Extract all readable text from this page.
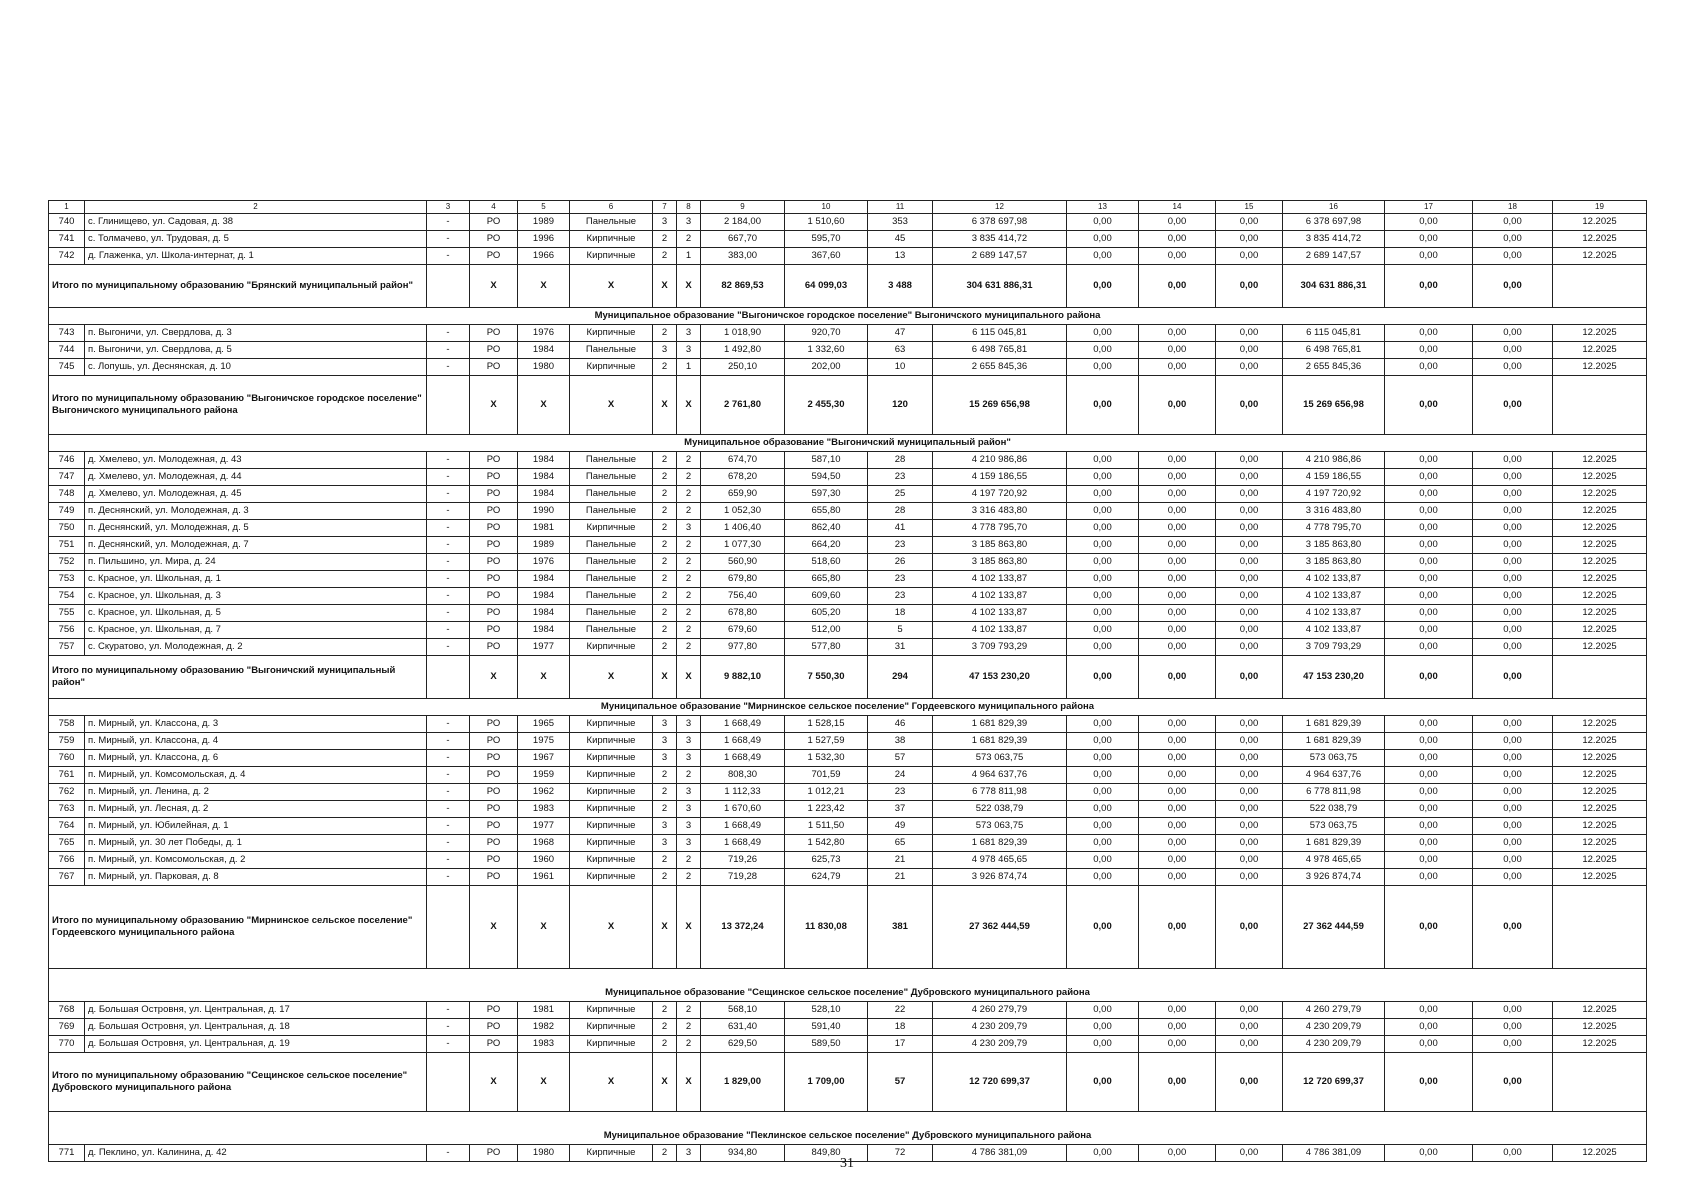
1	2	3	4	5	6	7	8	9	10	11	12	13	14	15	16	17	18	19
740	с. Глинищево, ул. Садовая, д. 38	-	РО	1989	Панельные	3	3	2 184,00	1 510,60	353	6 378 697,98	0,00	0,00	0,00	6 378 697,98	0,00	0,00	12.2025
741	с. Толмачево, ул. Трудовая, д. 5	-	РО	1996	Кирпичные	2	2	667,70	595,70	45	3 835 414,72	0,00	0,00	0,00	3 835 414,72	0,00	0,00	12.2025
742	д. Глаженка, ул. Школа-интернат, д. 1	-	РО	1966	Кирпичные	2	1	383,00	367,60	13	2 689 147,57	0,00	0,00	0,00	2 689 147,57	0,00	0,00	12.2025
Итого по муниципальному образованию "Брянский муниципальный район"			X	X	X	X	X	82 869,53	64 099,03	3 488	304 631 886,31	0,00	0,00	0,00	304 631 886,31	0,00	0,00	
Муниципальное образование "Выгоничское городское поселение" Выгоничского муниципального района																		
743	п. Выгоничи, ул. Свердлова, д. 3	-	РО	1976	Кирпичные	2	3	1 018,90	920,70	47	6 115 045,81	0,00	0,00	0,00	6 115 045,81	0,00	0,00	12.2025
744	п. Выгоничи, ул. Свердлова, д. 5	-	РО	1984	Панельные	3	3	1 492,80	1 332,60	63	6 498 765,81	0,00	0,00	0,00	6 498 765,81	0,00	0,00	12.2025
745	с. Лопушь, ул. Деснянская, д. 10	-	РО	1980	Кирпичные	2	1	250,10	202,00	10	2 655 845,36	0,00	0,00	0,00	2 655 845,36	0,00	0,00	12.2025
Итого по муниципальному образованию "Выгоничское городское поселение" Выгоничского муниципального района			X	X	X	X	X	2 761,80	2 455,30	120	15 269 656,98	0,00	0,00	0,00	15 269 656,98	0,00	0,00	
Муниципальное образование "Выгоничский муниципальный район"																		
746	д. Хмелево, ул. Молодежная, д. 43	-	РО	1984	Панельные	2	2	674,70	587,10	28	4 210 986,86	0,00	0,00	0,00	4 210 986,86	0,00	0,00	12.2025
747	д. Хмелево, ул. Молодежная, д. 44	-	РО	1984	Панельные	2	2	678,20	594,50	23	4 159 186,55	0,00	0,00	0,00	4 159 186,55	0,00	0,00	12.2025
748	д. Хмелево, ул. Молодежная, д. 45	-	РО	1984	Панельные	2	2	659,90	597,30	25	4 197 720,92	0,00	0,00	0,00	4 197 720,92	0,00	0,00	12.2025
749	п. Деснянский, ул. Молодежная, д. 3	-	РО	1990	Панельные	2	2	1 052,30	655,80	28	3 316 483,80	0,00	0,00	0,00	3 316 483,80	0,00	0,00	12.2025
750	п. Деснянский, ул. Молодежная, д. 5	-	РО	1981	Кирпичные	2	3	1 406,40	862,40	41	4 778 795,70	0,00	0,00	0,00	4 778 795,70	0,00	0,00	12.2025
751	п. Деснянский, ул. Молодежная, д. 7	-	РО	1989	Панельные	2	2	1 077,30	664,20	23	3 185 863,80	0,00	0,00	0,00	3 185 863,80	0,00	0,00	12.2025
752	п. Пильшино, ул. Мира, д. 24	-	РО	1976	Панельные	2	2	560,90	518,60	26	3 185 863,80	0,00	0,00	0,00	3 185 863,80	0,00	0,00	12.2025
753	с. Красное, ул. Школьная, д. 1	-	РО	1984	Панельные	2	2	679,80	665,80	23	4 102 133,87	0,00	0,00	0,00	4 102 133,87	0,00	0,00	12.2025
754	с. Красное, ул. Школьная, д. 3	-	РО	1984	Панельные	2	2	756,40	609,60	23	4 102 133,87	0,00	0,00	0,00	4 102 133,87	0,00	0,00	12.2025
755	с. Красное, ул. Школьная, д. 5	-	РО	1984	Панельные	2	2	678,80	605,20	18	4 102 133,87	0,00	0,00	0,00	4 102 133,87	0,00	0,00	12.2025
756	с. Красное, ул. Школьная, д. 7	-	РО	1984	Панельные	2	2	679,60	512,00	5	4 102 133,87	0,00	0,00	0,00	4 102 133,87	0,00	0,00	12.2025
757	с. Скуратово, ул. Молодежная, д. 2	-	РО	1977	Кирпичные	2	2	977,80	577,80	31	3 709 793,29	0,00	0,00	0,00	3 709 793,29	0,00	0,00	12.2025
Итого по муниципальному образованию "Выгоничский муниципальный район"			X	X	X	X	X	9 882,10	7 550,30	294	47 153 230,20	0,00	0,00	0,00	47 153 230,20	0,00	0,00	
Муниципальное образование "Мирнинское сельское поселение" Гордеевского муниципального района																		
758	п. Мирный, ул. Классона, д. 3	-	РО	1965	Кирпичные	3	3	1 668,49	1 528,15	46	1 681 829,39	0,00	0,00	0,00	1 681 829,39	0,00	0,00	12.2025
759	п. Мирный, ул. Классона, д. 4	-	РО	1975	Кирпичные	3	3	1 668,49	1 527,59	38	1 681 829,39	0,00	0,00	0,00	1 681 829,39	0,00	0,00	12.2025
760	п. Мирный, ул. Классона, д. 6	-	РО	1967	Кирпичные	3	3	1 668,49	1 532,30	57	573 063,75	0,00	0,00	0,00	573 063,75	0,00	0,00	12.2025
761	п. Мирный, ул. Комсомольская, д. 4	-	РО	1959	Кирпичные	2	2	808,30	701,59	24	4 964 637,76	0,00	0,00	0,00	4 964 637,76	0,00	0,00	12.2025
762	п. Мирный, ул. Ленина, д. 2	-	РО	1962	Кирпичные	2	3	1 112,33	1 012,21	23	6 778 811,98	0,00	0,00	0,00	6 778 811,98	0,00	0,00	12.2025
763	п. Мирный, ул. Лесная, д. 2	-	РО	1983	Кирпичные	2	3	1 670,60	1 223,42	37	522 038,79	0,00	0,00	0,00	522 038,79	0,00	0,00	12.2025
764	п. Мирный, ул. Юбилейная, д. 1	-	РО	1977	Кирпичные	3	3	1 668,49	1 511,50	49	573 063,75	0,00	0,00	0,00	573 063,75	0,00	0,00	12.2025
765	п. Мирный, ул. 30 лет Победы, д. 1	-	РО	1968	Кирпичные	3	3	1 668,49	1 542,80	65	1 681 829,39	0,00	0,00	0,00	1 681 829,39	0,00	0,00	12.2025
766	п. Мирный, ул. Комсомольская, д. 2	-	РО	1960	Кирпичные	2	2	719,26	625,73	21	4 978 465,65	0,00	0,00	0,00	4 978 465,65	0,00	0,00	12.2025
767	п. Мирный, ул. Парковая, д. 8	-	РО	1961	Кирпичные	2	2	719,28	624,79	21	3 926 874,74	0,00	0,00	0,00	3 926 874,74	0,00	0,00	12.2025
Итого по муниципальному образованию "Мирнинское сельское поселение" Гордеевского муниципального района			X	X	X	X	X	13 372,24	11 830,08	381	27 362 444,59	0,00	0,00	0,00	27 362 444,59	0,00	0,00	
Муниципальное образование "Сещинское сельское поселение" Дубровского муниципального района																		
768	д. Большая Островня, ул. Центральная, д. 17	-	РО	1981	Кирпичные	2	2	568,10	528,10	22	4 260 279,79	0,00	0,00	0,00	4 260 279,79	0,00	0,00	12.2025
769	д. Большая Островня, ул. Центральная, д. 18	-	РО	1982	Кирпичные	2	2	631,40	591,40	18	4 230 209,79	0,00	0,00	0,00	4 230 209,79	0,00	0,00	12.2025
770	д. Большая Островня, ул. Центральная, д. 19	-	РО	1983	Кирпичные	2	2	629,50	589,50	17	4 230 209,79	0,00	0,00	0,00	4 230 209,79	0,00	0,00	12.2025
Итого по муниципальному образованию "Сещинское сельское поселение" Дубровского муниципального района			X	X	X	X	X	1 829,00	1 709,00	57	12 720 699,37	0,00	0,00	0,00	12 720 699,37	0,00	0,00	
Муниципальное образование "Пеклинское сельское поселение" Дубровского муниципального района																		
771	д. Пеклино, ул. Калинина, д. 42	-	РО	1980	Кирпичные	2	3	934,80	849,80	72	4 786 381,09	0,00	0,00	0,00	4 786 381,09	0,00	0,00	12.2025
31
